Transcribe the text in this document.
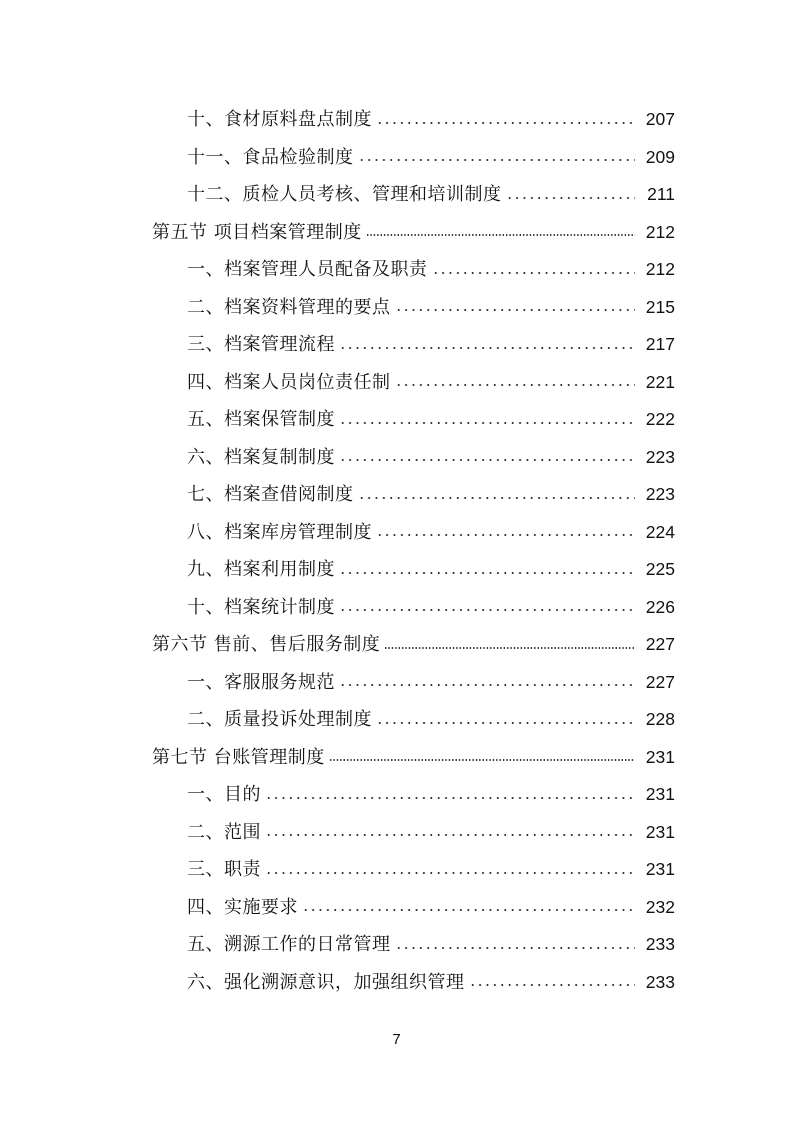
十、食材原料盘点制度	207
十一、食品检验制度	209
十二、质检人员考核、管理和培训制度	211
第五节 项目档案管理制度	212
一、档案管理人员配备及职责	212
二、档案资料管理的要点	215
三、档案管理流程	217
四、档案人员岗位责任制	221
五、档案保管制度	222
六、档案复制制度	223
七、档案查借阅制度	223
八、档案库房管理制度	224
九、档案利用制度	225
十、档案统计制度	226
第六节 售前、售后服务制度	227
一、客服服务规范	227
二、质量投诉处理制度	228
第七节 台账管理制度	231
一、目的	231
二、范围	231
三、职责	231
四、实施要求	232
五、溯源工作的日常管理	233
六、强化溯源意识，加强组织管理	233
7
